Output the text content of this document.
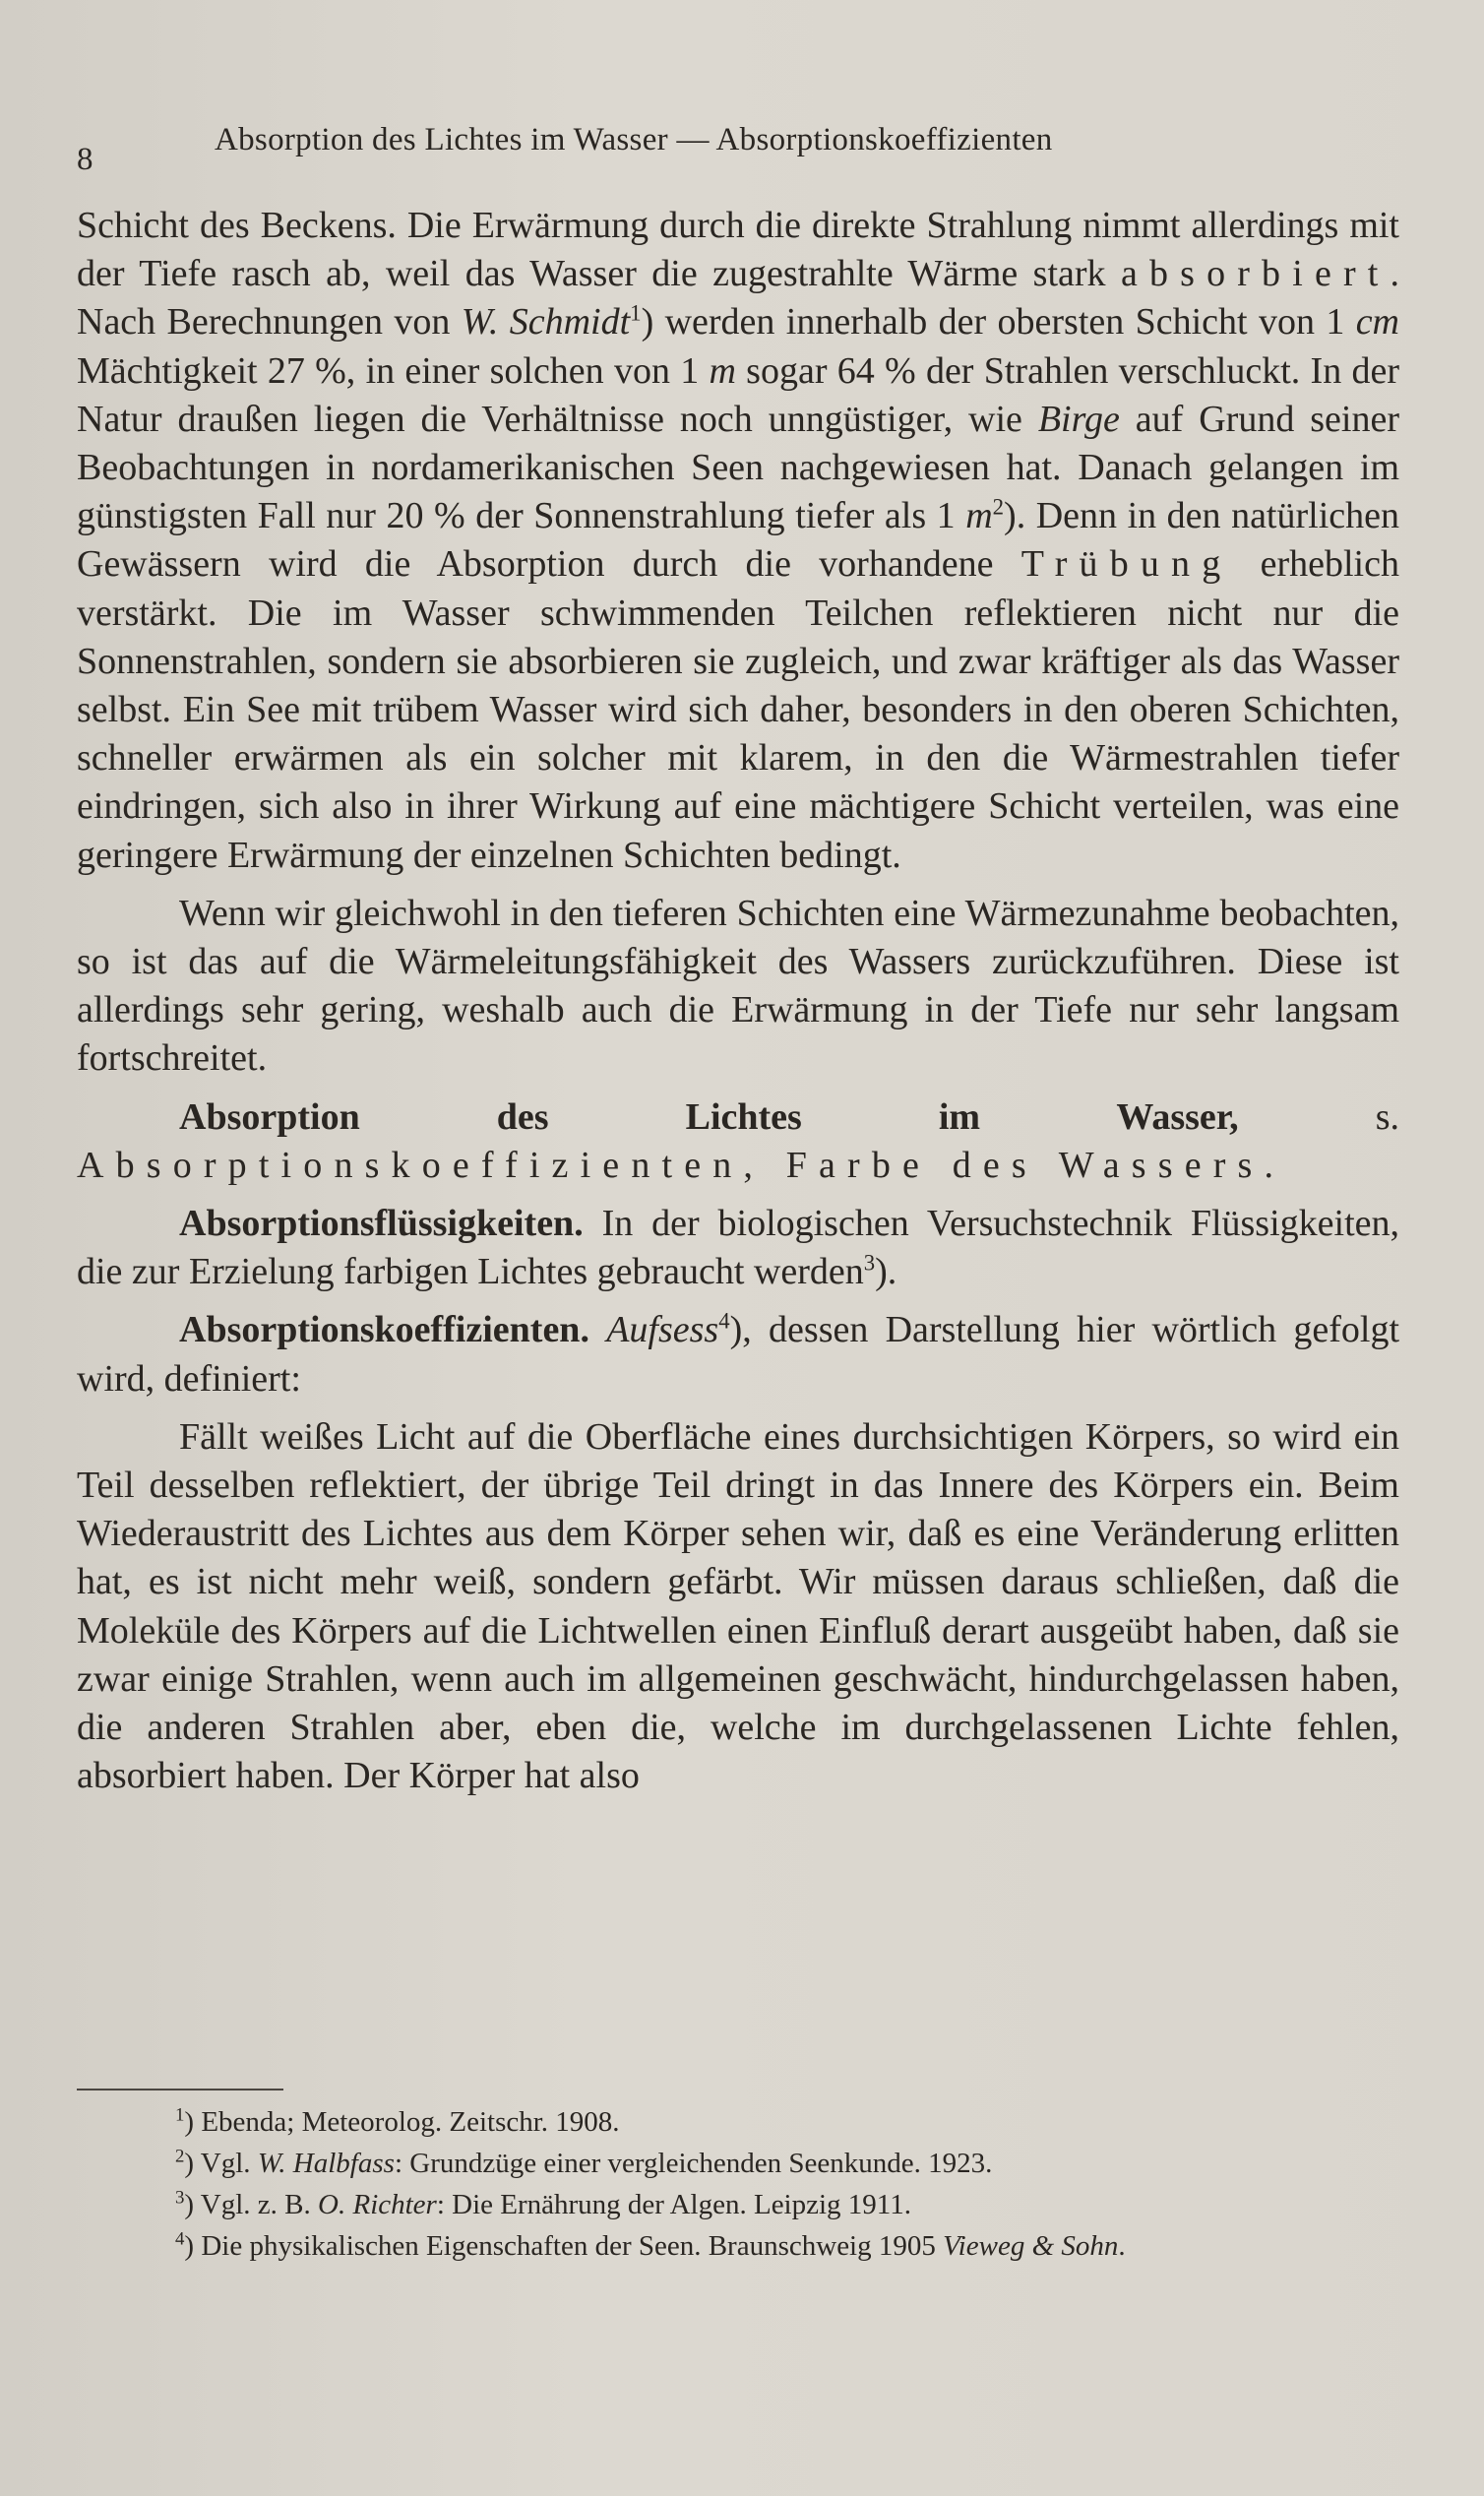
8
Absorption des Lichtes im Wasser — Absorptionskoeffizienten

Schicht des Beckens. Die Erwärmung durch die direkte Strahlung nimmt allerdings mit der Tiefe rasch ab, weil das Wasser die zugestrahlte Wärme stark absorbiert. Nach Berechnungen von W. Schmidt$^1$) werden innerhalb der obersten Schicht von 1 cm Mächtigkeit 27 %, in einer solchen von 1 m sogar 64 % der Strahlen verschluckt. In der Natur draußen liegen die Verhältnisse noch unngüstiger, wie Birge auf Grund seiner Beobachtungen in nordamerikanischen Seen nachgewiesen hat. Danach gelangen im günstigsten Fall nur 20 % der Sonnenstrahlung tiefer als 1 $m^2$). Denn in den natürlichen Gewässern wird die Absorption durch die vorhandene Trübung erheblich verstärkt. Die im Wasser schwimmenden Teilchen reflektieren nicht nur die Sonnenstrahlen, sondern sie absorbieren sie zugleich, und zwar kräftiger als das Wasser selbst. Ein See mit trübem Wasser wird sich daher, besonders in den oberen Schichten, schneller erwärmen als ein solcher mit klarem, in den die Wärmestrahlen tiefer eindringen, sich also in ihrer Wirkung auf eine mächtigere Schicht verteilen, was eine geringere Erwärmung der einzelnen Schichten bedingt.

Wenn wir gleichwohl in den tieferen Schichten eine Wärmezunahme beobachten, so ist das auf die Wärmeleitungsfähigkeit des Wassers zurückzuführen. Diese ist allerdings sehr gering, weshalb auch die Erwärmung in der Tiefe nur sehr langsam fortschreitet.

Absorption des Lichtes im Wasser, s. Absorptionskoeffizienten, Farbe des Wassers.

Absorptionsflüssigkeiten. In der biologischen Versuchstechnik Flüssigkeiten, die zur Erzielung farbigen Lichtes gebraucht werden$^3$).

Absorptionskoeffizienten. Aufsess$^4$), dessen Darstellung hier wörtlich gefolgt wird, definiert:

Fällt weißes Licht auf die Oberfläche eines durchsichtigen Körpers, so wird ein Teil desselben reflektiert, der übrige Teil dringt in das Innere des Körpers ein. Beim Wiederaustritt des Lichtes aus dem Körper sehen wir, daß es eine Veränderung erlitten hat, es ist nicht mehr weiß, sondern gefärbt. Wir müssen daraus schließen, daß die Moleküle des Körpers auf die Lichtwellen einen Einfluß derart ausgeübt haben, daß sie zwar einige Strahlen, wenn auch im allgemeinen geschwächt, hindurchgelassen haben, die anderen Strahlen aber, eben die, welche im durchgelassenen Lichte fehlen, absorbiert haben. Der Körper hat also

$^1$) Ebenda; Meteorolog. Zeitschr. 1908.

$^2$) Vgl. W. Halbfass: Grundzüge einer vergleichenden Seenkunde. 1923.

$^3$) Vgl. z. B. O. Richter: Die Ernährung der Algen. Leipzig 1911.

$^4$) Die physikalischen Eigenschaften der Seen. Braunschweig 1905 Vieweg & Sohn.
